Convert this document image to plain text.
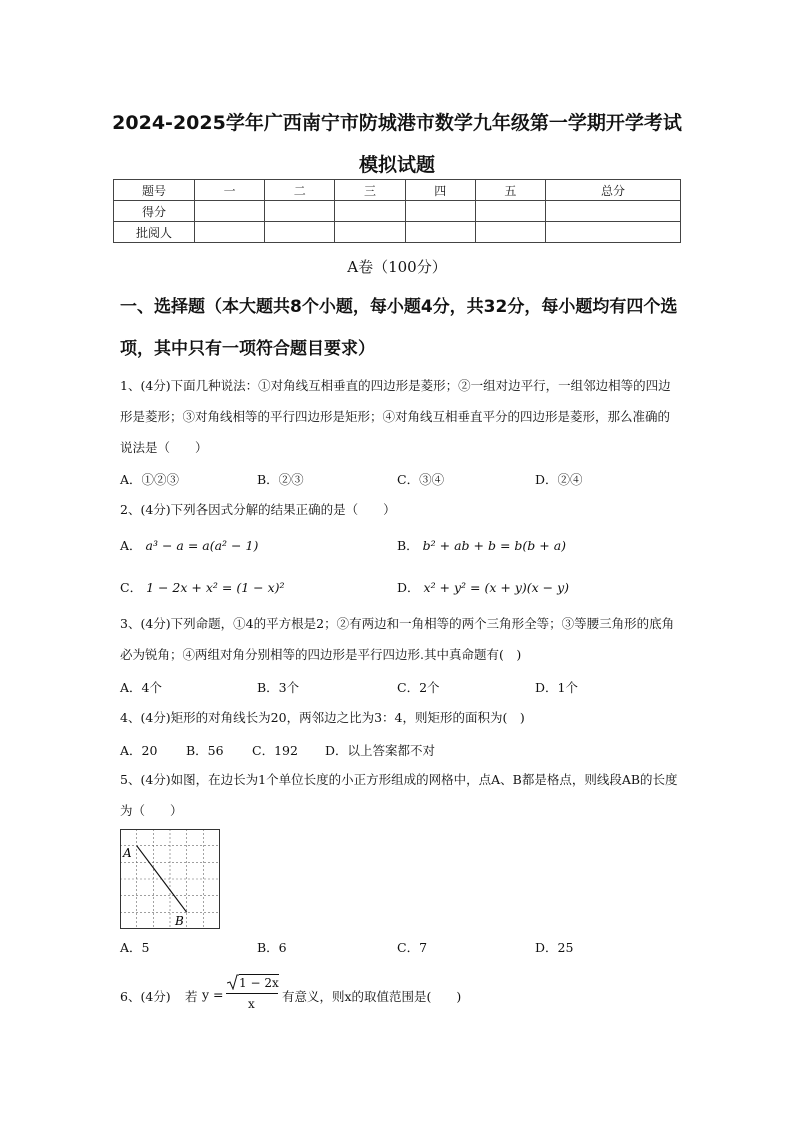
2024-2025学年广西南宁市防城港市数学九年级第一学期开学考试
模拟试题
题号	一	二	三	四	五	总分
得分						
批阅人						
A卷（100分）
一、选择题（本大题共8个小题，每小题4分，共32分，每小题均有四个选项，其中只有一项符合题目要求）
1、(4分)下面几种说法：①对角线互相垂直的四边形是菱形；②一组对边平行，一组邻边相等的四边形是菱形；③对角线相等的平行四边形是矩形；④对角线互相垂直平分的四边形是菱形，那么准确的说法是（　　）
A．①②③	B．②③	C．③④	D．②④
2、(4分)下列各因式分解的结果正确的是（　　）
A． a³ − a = a(a² − 1)	B． b² + ab + b = b(b + a)
C． 1 − 2x + x² = (1 − x)²	D． x² + y² = (x + y)(x − y)
3、(4分)下列命题，①4的平方根是2；②有两边和一角相等的两个三角形全等；③等腰三角形的底角必为锐角；④两组对角分别相等的四边形是平行四边形.其中真命题有(　)
A．4个	B．3个	C．2个	D．1个
4、(4分)矩形的对角线长为20，两邻边之比为3：4，则矩形的面积为(　)
A．20 B．56 C．192 D．以上答案都不对
5、(4分)如图，在边长为1个单位长度的小正方形组成的网格中，点A、B都是格点，则线段AB的长度为（　　）
A
B
A．5	B．6	C．7	D．25
6、(4分) 若 y =
1 − 2x
x 有意义，则x的取值范围是(　　)
